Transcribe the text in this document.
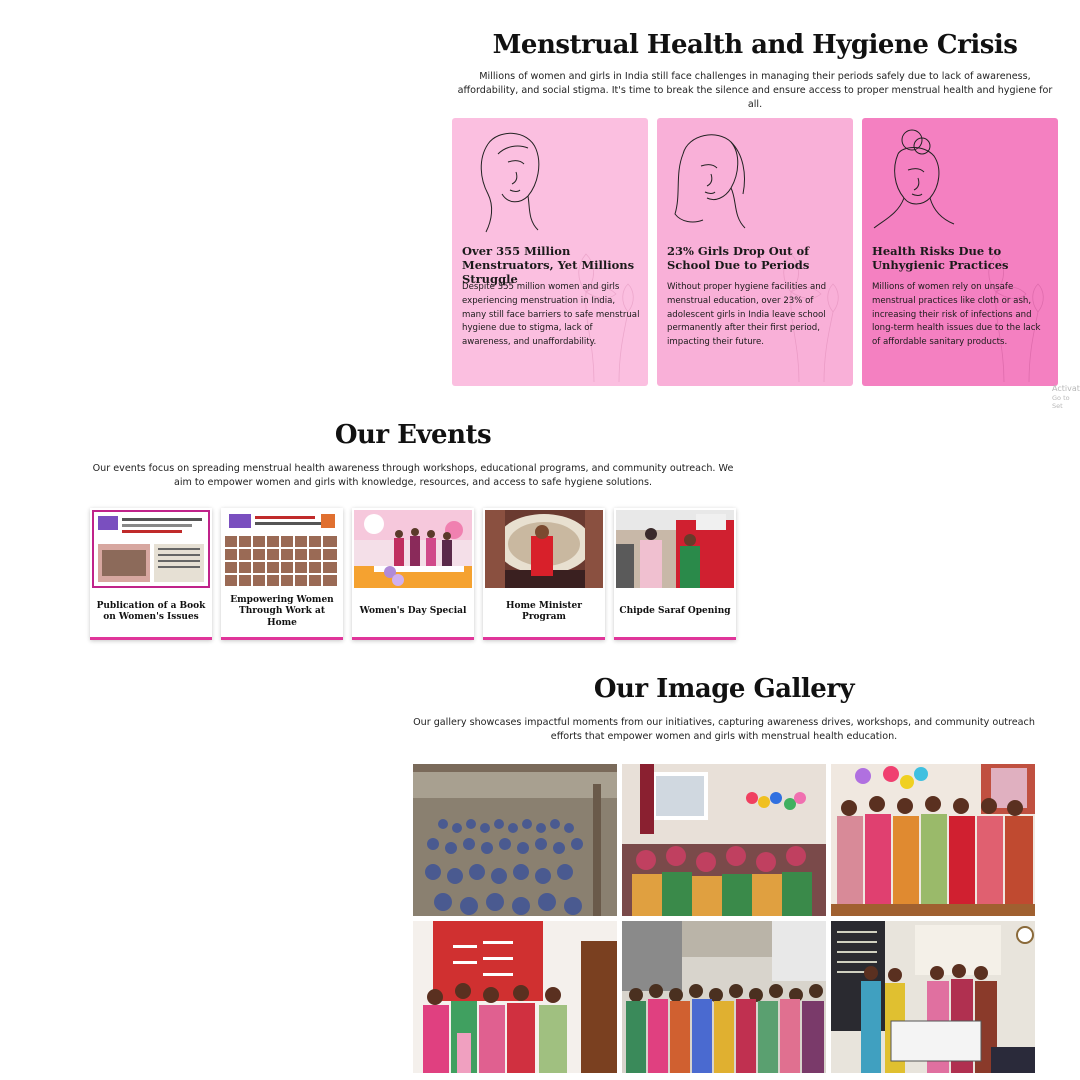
Menstrual Health and Hygiene Crisis

Millions of women and girls in India still face challenges in managing their periods safely due to lack of awareness, affordability, and social stigma. It's time to break the silence and ensure access to proper menstrual health and hygiene for all.

Over 355 Million Menstruators, Yet Millions Struggle

Despite 355 million women and girls experiencing menstruation in India, many still face barriers to safe menstrual hygiene due to stigma, lack of awareness, and unaffordability.

23% Girls Drop Out of School Due to Periods

Without proper hygiene facilities and menstrual education, over 23% of adolescent girls in India leave school permanently after their first period, impacting their future.

Health Risks Due to Unhygienic Practices

Millions of women rely on unsafe menstrual practices like cloth or ash, increasing their risk of infections and long-term health issues due to the lack of affordable sanitary products.

Activat
Go to Set
Our Events

Our events focus on spreading menstrual health awareness through workshops, educational programs, and community outreach. We aim to empower women and girls with knowledge, resources, and access to safe hygiene solutions.

Publication of a Book on Women's Issues
Empowering Women Through Work at Home
Women's Day Special
Home Minister Program
Chipde Saraf Opening
Our Image Gallery

Our gallery showcases impactful moments from our initiatives, capturing awareness drives, workshops, and community outreach efforts that empower women and girls with menstrual health education.
